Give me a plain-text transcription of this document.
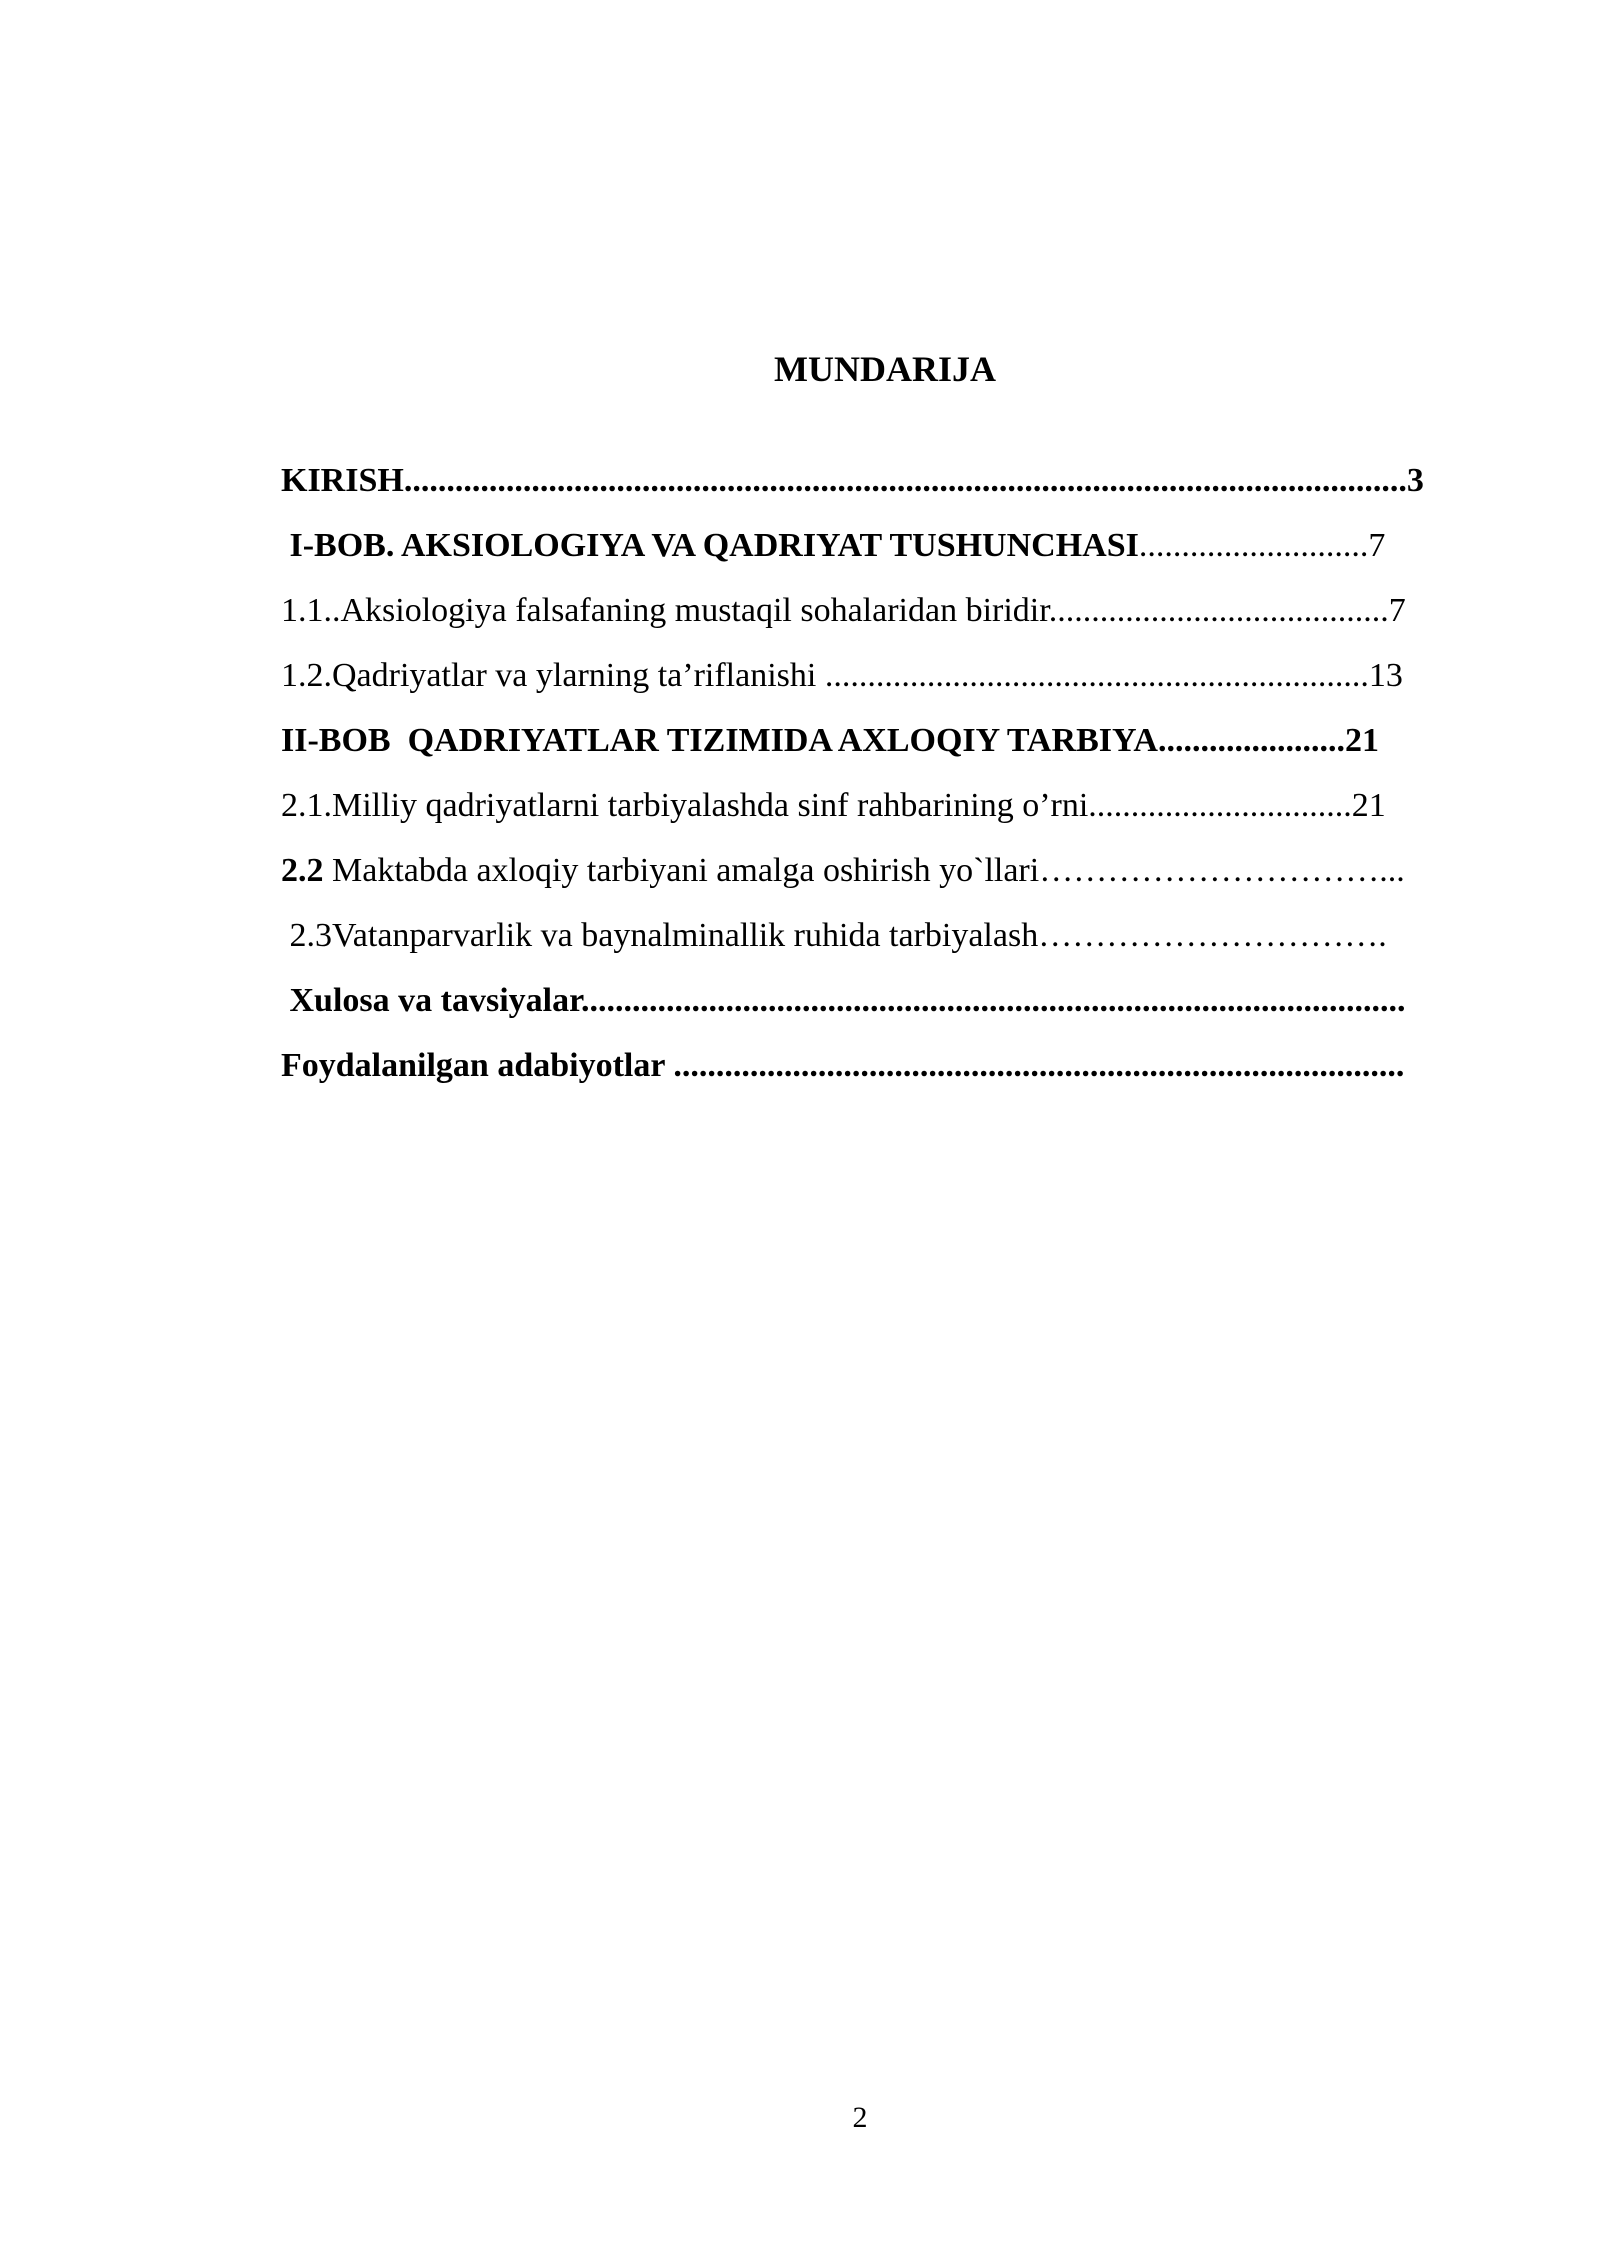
MUNDARIJA

KIRISH......................................................................................................................3

I-BOB. AKSIOLOGIYA VA QADRIYAT TUSHUNCHASI...........................7

1.1..Aksiologiya falsafaning mustaqil sohalaridan biridir........................................7

1.2.Qadriyatlar va ylarning ta’riflanishi ................................................................13

II-BOB  QADRIYATLAR TIZIMIDA AXLOQIY TARBIYA......................21

2.1.Milliy qadriyatlarni tarbiyalashda sinf rahbarining o’rni...............................21

2.2 Maktabda axloqiy tarbiyani amalga oshirish yo`llari…………………………...

2.3Vatanparvarlik va baynalminallik ruhida tarbiyalash………………………….

Xulosa va tavsiyalar.................................................................................................

Foydalanilgan adabiyotlar ......................................................................................

2
